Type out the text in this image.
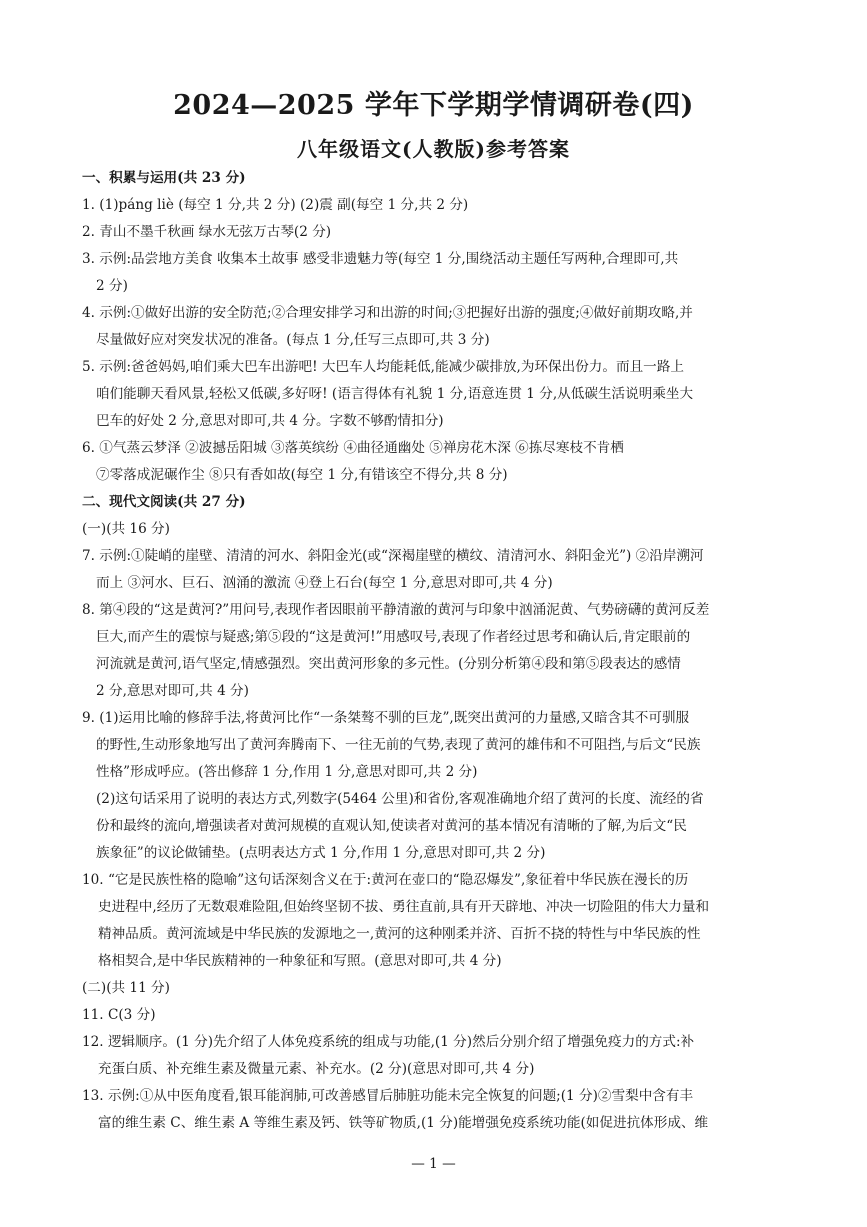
2024—2025 学年下学期学情调研卷(四)
八年级语文(人教版)参考答案
一、积累与运用(共 23 分)
1. (1)páng liè (每空 1 分,共 2 分) (2)震 副(每空 1 分,共 2 分)
2. 青山不墨千秋画 绿水无弦万古琴(2 分)
3. 示例:品尝地方美食 收集本土故事 感受非遗魅力等(每空 1 分,围绕活动主题任写两种,合理即可,共
2 分)
4. 示例:①做好出游的安全防范;②合理安排学习和出游的时间;③把握好出游的强度;④做好前期攻略,并
尽量做好应对突发状况的准备。(每点 1 分,任写三点即可,共 3 分)
5. 示例:爸爸妈妈,咱们乘大巴车出游吧! 大巴车人均能耗低,能减少碳排放,为环保出份力。而且一路上
咱们能聊天看风景,轻松又低碳,多好呀! (语言得体有礼貌 1 分,语意连贯 1 分,从低碳生活说明乘坐大
巴车的好处 2 分,意思对即可,共 4 分。字数不够酌情扣分)
6. ①气蒸云梦泽 ②波撼岳阳城 ③落英缤纷 ④曲径通幽处 ⑤禅房花木深 ⑥拣尽寒枝不肯栖
⑦零落成泥碾作尘 ⑧只有香如故(每空 1 分,有错该空不得分,共 8 分)
二、现代文阅读(共 27 分)
(一)(共 16 分)
7. 示例:①陡峭的崖壁、清清的河水、斜阳金光(或“深褐崖壁的横纹、清清河水、斜阳金光”) ②沿岸溯河
而上 ③河水、巨石、汹涌的激流 ④登上石台(每空 1 分,意思对即可,共 4 分)
8. 第④段的“这是黄河?”用问号,表现作者因眼前平静清澈的黄河与印象中汹涌泥黄、气势磅礴的黄河反差
巨大,而产生的震惊与疑惑;第⑤段的“这是黄河!”用感叹号,表现了作者经过思考和确认后,肯定眼前的
河流就是黄河,语气坚定,情感强烈。突出黄河形象的多元性。(分别分析第④段和第⑤段表达的感情
2 分,意思对即可,共 4 分)
9. (1)运用比喻的修辞手法,将黄河比作“一条桀骜不驯的巨龙”,既突出黄河的力量感,又暗含其不可驯服
的野性,生动形象地写出了黄河奔腾南下、一往无前的气势,表现了黄河的雄伟和不可阻挡,与后文“民族
性格”形成呼应。(答出修辞 1 分,作用 1 分,意思对即可,共 2 分)
(2)这句话采用了说明的表达方式,列数字(5464 公里)和省份,客观准确地介绍了黄河的长度、流经的省
份和最终的流向,增强读者对黄河规模的直观认知,使读者对黄河的基本情况有清晰的了解,为后文“民
族象征”的议论做铺垫。(点明表达方式 1 分,作用 1 分,意思对即可,共 2 分)
10. “它是民族性格的隐喻”这句话深刻含义在于:黄河在壶口的“隐忍爆发”,象征着中华民族在漫长的历
史进程中,经历了无数艰难险阻,但始终坚韧不拔、勇往直前,具有开天辟地、冲决一切险阻的伟大力量和
精神品质。黄河流域是中华民族的发源地之一,黄河的这种刚柔并济、百折不挠的特性与中华民族的性
格相契合,是中华民族精神的一种象征和写照。(意思对即可,共 4 分)
(二)(共 11 分)
11. C(3 分)
12. 逻辑顺序。(1 分)先介绍了人体免疫系统的组成与功能,(1 分)然后分别介绍了增强免疫力的方式:补
充蛋白质、补充维生素及微量元素、补充水。(2 分)(意思对即可,共 4 分)
13. 示例:①从中医角度看,银耳能润肺,可改善感冒后肺脏功能未完全恢复的问题;(1 分)②雪梨中含有丰
富的维生素 C、维生素 A 等维生素及钙、铁等矿物质,(1 分)能增强免疫系统功能(如促进抗体形成、维
— 1 —
